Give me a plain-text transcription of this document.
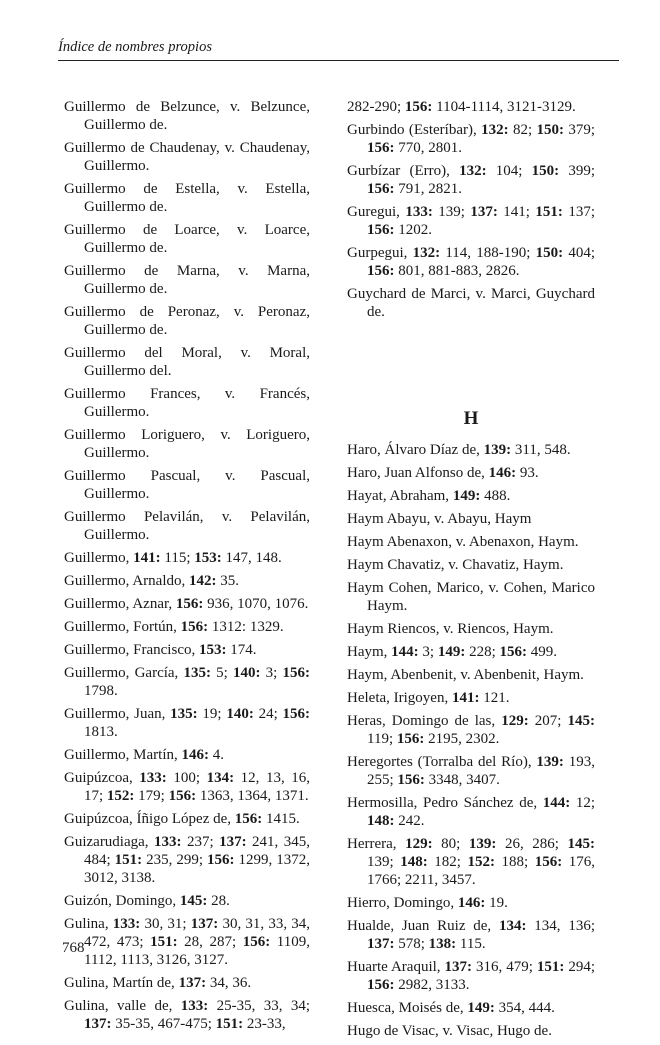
Índice de nombres propios
Guillermo de Belzunce, v. Belzunce, Guillermo de.
Guillermo de Chaudenay, v. Chaudenay, Guillermo.
Guillermo de Estella, v. Estella, Guillermo de.
Guillermo de Loarce, v. Loarce, Guillermo de.
Guillermo de Marna, v. Marna, Guillermo de.
Guillermo de Peronaz, v. Peronaz, Guillermo de.
Guillermo del Moral, v. Moral, Guillermo del.
Guillermo Frances, v. Francés, Guillermo.
Guillermo Loriguero, v. Loriguero, Guillermo.
Guillermo Pascual, v. Pascual, Guillermo.
Guillermo Pelavilán, v. Pelavilán, Guillermo.
Guillermo, 141: 115; 153: 147, 148.
Guillermo, Arnaldo, 142: 35.
Guillermo, Aznar, 156: 936, 1070, 1076.
Guillermo, Fortún, 156: 1312: 1329.
Guillermo, Francisco, 153: 174.
Guillermo, García, 135: 5; 140: 3; 156: 1798.
Guillermo, Juan, 135: 19; 140: 24; 156: 1813.
Guillermo, Martín, 146: 4.
Guipúzcoa, 133: 100; 134: 12, 13, 16, 17; 152: 179; 156: 1363, 1364, 1371.
Guipúzcoa, Íñigo López de, 156: 1415.
Guizarudiaga, 133: 237; 137: 241, 345, 484; 151: 235, 299; 156: 1299, 1372, 3012, 3138.
Guizón, Domingo, 145: 28.
Gulina, 133: 30, 31; 137: 30, 31, 33, 34, 472, 473; 151: 28, 287; 156: 1109, 1112, 1113, 3126, 3127.
Gulina, Martín de, 137: 34, 36.
Gulina, valle de, 133: 25-35, 33, 34; 137: 35-35, 467-475; 151: 23-33,
282-290; 156: 1104-1114, 3121-3129.
Gurbindo (Esteríbar), 132: 82; 150: 379; 156: 770, 2801.
Gurbízar (Erro), 132: 104; 150: 399; 156: 791, 2821.
Guregui, 133: 139; 137: 141; 151: 137; 156: 1202.
Gurpegui, 132: 114, 188-190; 150: 404; 156: 801, 881-883, 2826.
Guychard de Marci, v. Marci, Guychard de.
H
Haro, Álvaro Díaz de, 139: 311, 548.
Haro, Juan Alfonso de, 146: 93.
Hayat, Abraham, 149: 488.
Haym Abayu, v. Abayu, Haym
Haym Abenaxon, v. Abenaxon, Haym.
Haym Chavatiz, v. Chavatiz, Haym.
Haym Cohen, Marico, v. Cohen, Marico Haym.
Haym Riencos, v. Riencos, Haym.
Haym, 144: 3; 149: 228; 156: 499.
Haym, Abenbenit, v. Abenbenit, Haym.
Heleta, Irigoyen, 141: 121.
Heras, Domingo de las, 129: 207; 145: 119; 156: 2195, 2302.
Heregortes (Torralba del Río), 139: 193, 255; 156: 3348, 3407.
Hermosilla, Pedro Sánchez de, 144: 12; 148: 242.
Herrera, 129: 80; 139: 26, 286; 145: 139; 148: 182; 152: 188; 156: 176, 1766; 2211, 3457.
Hierro, Domingo, 146: 19.
Hualde, Juan Ruiz de, 134: 134, 136; 137: 578; 138: 115.
Huarte Araquil, 137: 316, 479; 151: 294; 156: 2982, 3133.
Huesca, Moisés de, 149: 354, 444.
Hugo de Visac, v. Visac, Hugo de.
768
